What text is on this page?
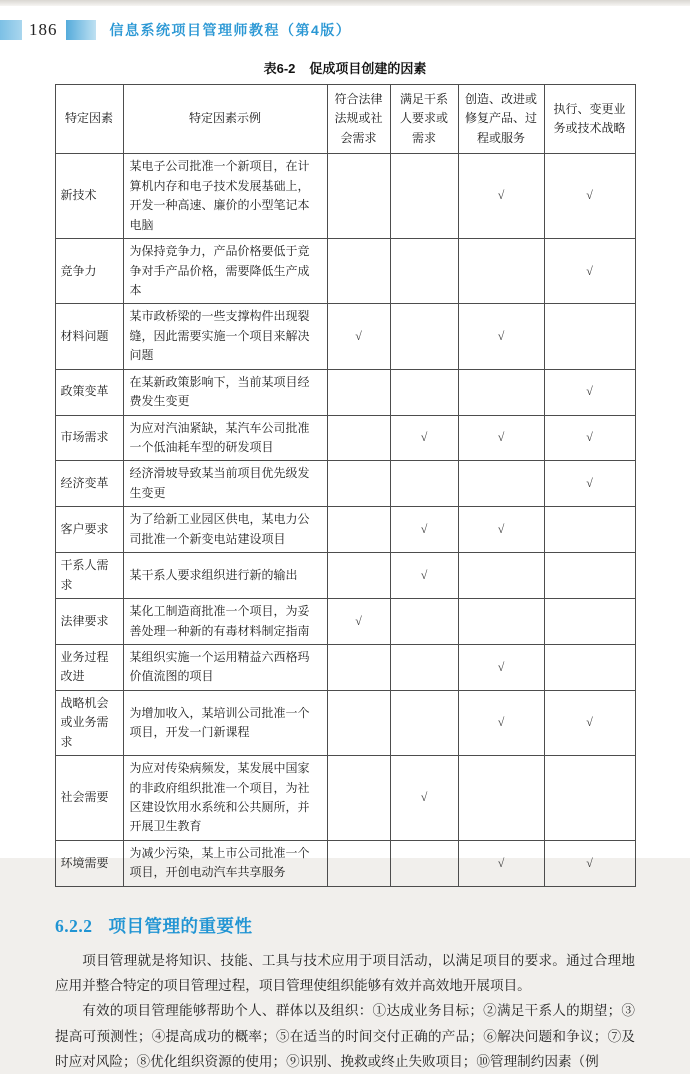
186	信息系统项目管理师教程（第4版）
表6-2 促成项目创建的因素
特定因素	特定因素示例	符合法律法规或社会需求	满足干系人要求或需求	创造、改进或修复产品、过程或服务	执行、变更业务或技术战略
新技术	某电子公司批准一个新项目，在计算机内存和电子技术发展基础上，开发一种高速、廉价的小型笔记本电脑			√	√
竞争力	为保持竞争力，产品价格要低于竞争对手产品价格，需要降低生产成本				√
材料问题	某市政桥梁的一些支撑构件出现裂缝，因此需要实施一个项目来解决问题	√		√	
政策变革	在某新政策影响下，当前某项目经费发生变更				√
市场需求	为应对汽油紧缺，某汽车公司批准一个低油耗车型的研发项目		√	√	√
经济变革	经济滑坡导致某当前项目优先级发生变更				√
客户要求	为了给新工业园区供电，某电力公司批准一个新变电站建设项目		√	√	
干系人需求	某干系人要求组织进行新的输出		√		
法律要求	某化工制造商批准一个项目，为妥善处理一种新的有毒材料制定指南	√			
业务过程改进	某组织实施一个运用精益六西格玛价值流图的项目			√	
战略机会或业务需求	为增加收入，某培训公司批准一个项目，开发一门新课程			√	√
社会需要	为应对传染病频发，某发展中国家的非政府组织批准一个项目，为社区建设饮用水系统和公共厕所，并开展卫生教育		√		
环境需要	为减少污染，某上市公司批准一个项目，开创电动汽车共享服务			√	√
6.2.2 项目管理的重要性

项目管理就是将知识、技能、工具与技术应用于项目活动，以满足项目的要求。通过合理地应用并整合特定的项目管理过程，项目管理使组织能够有效并高效地开展项目。

有效的项目管理能够帮助个人、群体以及组织：①达成业务目标；②满足干系人的期望；③提高可预测性；④提高成功的概率；⑤在适当的时间交付正确的产品；⑥解决问题和争议；⑦及时应对风险；⑧优化组织资源的使用；⑨识别、挽救或终止失败项目；⑩管理制约因素（例
